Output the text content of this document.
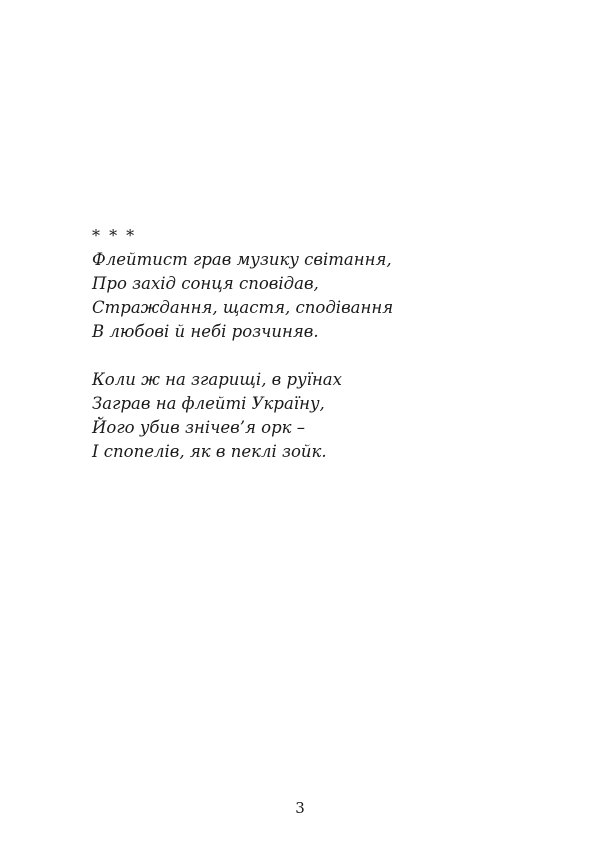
* * *
Флейтист грав музику світання,
Про захід сонця сповідав,
Страждання, щастя, сподівання
В любові й небі розчиняв.
Коли ж на згарищі, в руїнах
Заграв на флейті Україну,
Його убив знічев’я орк –
І спопелів, як в пеклі зойк.
3
